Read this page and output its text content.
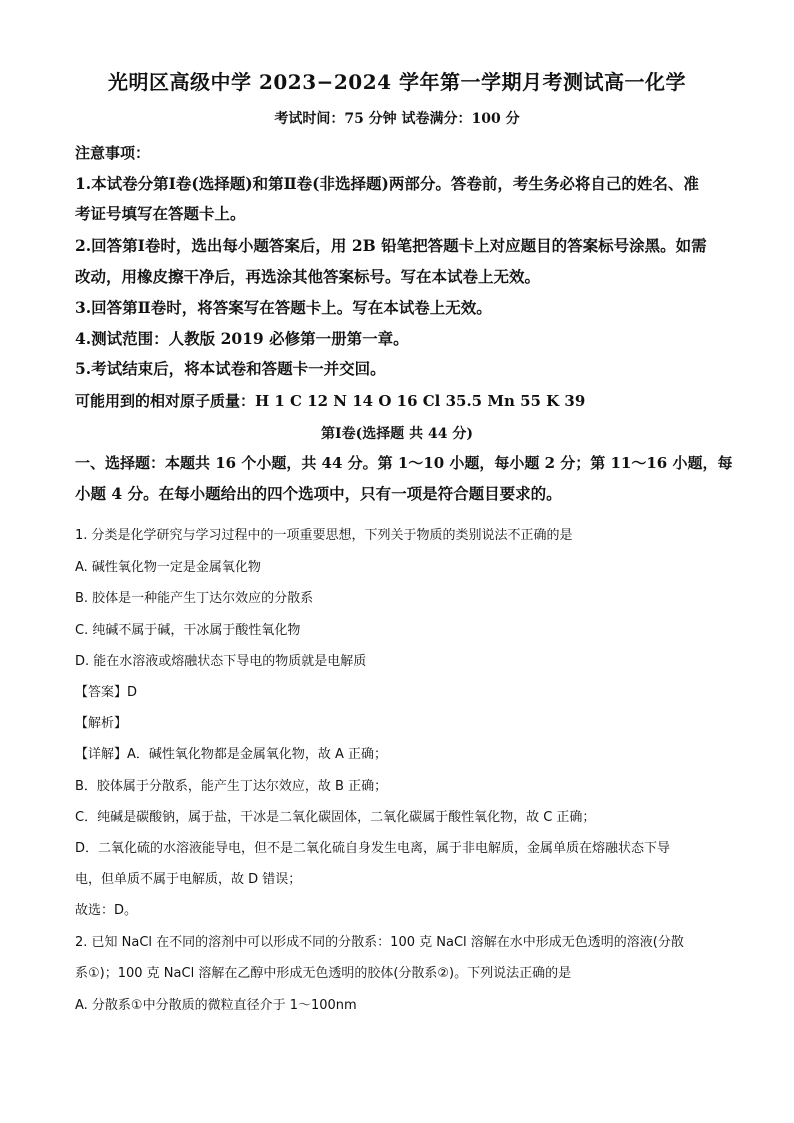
光明区高级中学 2023−2024 学年第一学期月考测试高一化学
考试时间：75 分钟 试卷满分：100 分
注意事项：
1.本试卷分第Ⅰ卷(选择题)和第Ⅱ卷(非选择题)两部分。答卷前，考生务必将自己的姓名、准
考证号填写在答题卡上。
2.回答第Ⅰ卷时，选出每小题答案后，用 2B 铅笔把答题卡上对应题目的答案标号涂黑。如需
改动，用橡皮擦干净后，再选涂其他答案标号。写在本试卷上无效。
3.回答第Ⅱ卷时，将答案写在答题卡上。写在本试卷上无效。
4.测试范围：人教版 2019 必修第一册第一章。
5.考试结束后，将本试卷和答题卡一并交回。
可能用到的相对原子质量：H 1 C 12 N 14 O 16 Cl 35.5 Mn 55 K 39
第Ⅰ卷(选择题 共 44 分)
一、选择题：本题共 16 个小题，共 44 分。第 1～10 小题，每小题 2 分；第 11～16 小题，每
小题 4 分。在每小题给出的四个选项中，只有一项是符合题目要求的。
1. 分类是化学研究与学习过程中的一项重要思想，下列关于物质的类别说法不正确的是
A. 碱性氧化物一定是金属氧化物
B. 胶体是一种能产生丁达尔效应的分散系
C. 纯碱不属于碱，干冰属于酸性氧化物
D. 能在水溶液或熔融状态下导电的物质就是电解质
【答案】D
【解析】
【详解】A．碱性氧化物都是金属氧化物，故 A 正确；
B．胶体属于分散系，能产生丁达尔效应，故 B 正确；
C．纯碱是碳酸钠，属于盐，干冰是二氧化碳固体，二氧化碳属于酸性氧化物，故 C 正确；
D．二氧化硫的水溶液能导电，但不是二氧化硫自身发生电离，属于非电解质，金属单质在熔融状态下导
电，但单质不属于电解质，故 D 错误；
故选：D。
2. 已知 NaCl 在不同的溶剂中可以形成不同的分散系：100 克 NaCl 溶解在水中形成无色透明的溶液(分散
系①)；100 克 NaCl 溶解在乙醇中形成无色透明的胶体(分散系②)。下列说法正确的是
A. 分散系①中分散质的微粒直径介于 1～100nm
